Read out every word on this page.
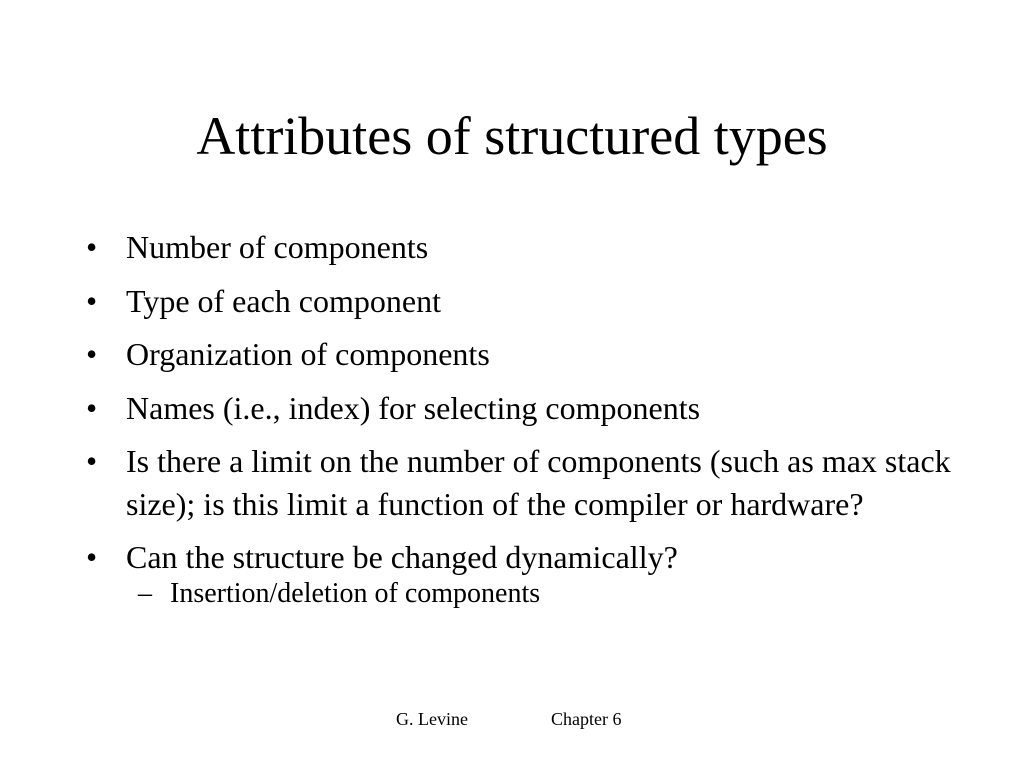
Attributes of structured types
• Number of components
• Type of each component
• Organization of components
• Names (i.e., index) for selecting components
• Is there a limit on the number of components (such as max stack size); is this limit a function of the compiler or hardware?
• Can the structure be changed dynamically?
– Insertion/deletion of components
G. Levine	Chapter 6
